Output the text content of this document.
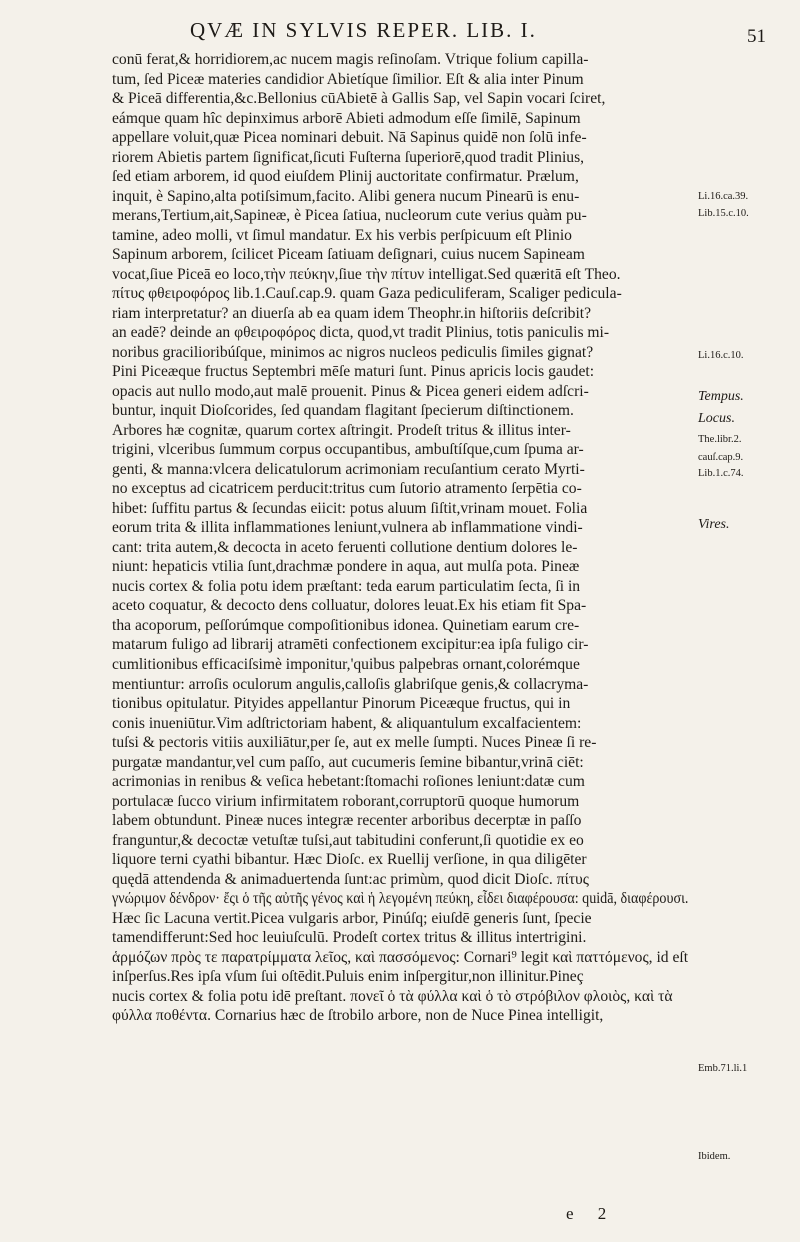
QVÆ IN SYLVIS REPER. LIB. I.	51
conū ferat,& horridiorem,ac nucem magis reſinoſam. Vtrique folium capilla-
tum, ſed Piceæ materies candidior Abietíque ſimilior. Eſt & alia inter Pinum
& Piceā differentia,&c.Bellonius cūAbietē à Gallis Sap, vel Sapin vocari ſciret,
eámque quam hîc depinximus arborē Abieti admodum eſſe ſimilē, Sapinum
appellare voluit,quæ Picea nominari debuit. Nā Sapinus quidē non ſolū infe-
riorem Abietis partem ſignificat,ſicuti Fuſterna ſuperiorē,quod tradit Plinius,
ſed etiam arborem, id quod eiuſdem Plinij auctoritate confirmatur. Prælum,
inquit, è Sapino,alta potiſsimum,facito. Alibi genera nucum Pinearū is enu-
merans,Tertium,ait,Sapineæ, è Picea ſatiua, nucleorum cute verius quàm pu-
tamine, adeo molli, vt ſimul mandatur. Ex his verbis perſpicuum eſt Plinio
Sapinum arborem, ſcilicet Piceam ſatiuam deſignari, cuius nucem Sapineam
vocat,ſiue Piceā eo loco,τὴν πεύκην,ſiue τὴν πίτυν intelligat.Sed quæritā eſt Theo.
πίτυς φθειροφόρος lib.1.Cauſ.cap.9. quam Gaza pediculiferam, Scaliger pedicula-
riam interpretatur? an diuerſa ab ea quam idem Theophr.in hiſtoriis deſcribit?
an eadē? deinde an φθειροφόρος dicta, quod,vt tradit Plinius, totis paniculis mi-
noribus gracilioribúſque, minimos ac nigros nucleos pediculis ſimiles gignat?
Pini Piceæque fructus Septembri mēſe maturi ſunt. Pinus apricis locis gaudet:
opacis aut nullo modo,aut malē prouenit. Pinus & Picea generi eidem adſcri-
buntur, inquit Dioſcorides, ſed quandam flagitant ſpecierum diſtinctionem.
Arbores hæ cognitæ, quarum cortex aſtringit. Prodeſt tritus & illitus inter-
trigini, vlceribus ſummum corpus occupantibus, ambuſtíſque,cum ſpuma ar-
genti, & manna:vlcera delicatulorum acrimoniam recuſantium cerato Myrti-
no exceptus ad cicatricem perducit:tritus cum ſutorio atramento ſerpētia co-
hibet: ſuffitu partus & ſecundas eiicit: potus aluum ſiſtit,vrinam mouet. Folia
eorum trita & illita inflammationes leniunt,vulnera ab inflammatione vindi-
cant: trita autem,& decocta in aceto feruenti collutione dentium dolores le-
niunt: hepaticis vtilia ſunt,drachmæ pondere in aqua, aut mulſa pota. Pineæ
nucis cortex & folia potu idem præſtant: teda earum particulatim ſecta, ſi in
aceto coquatur, & decocto dens colluatur, dolores leuat.Ex his etiam fit Spa-
tha acoporum, peſſorúmque compoſitionibus idonea. Quinetiam earum cre-
matarum fuligo ad librarij atramēti confectionem excipitur:ea ipſa fuligo cir-
cumlitionibus efficaciſsimè imponitur,'quibus palpebras ornant,colorémque
mentiuntur: arroſis oculorum angulis,calloſis glabriſque genis,& collacryma-
tionibus opitulatur. Pityides appellantur Pinorum Piceæque fructus, qui in
conis inueniūtur.Vim adſtrictoriam habent, & aliquantulum excalfacientem:
tuſsi & pectoris vitiis auxiliātur,per ſe, aut ex melle ſumpti. Nuces Pineæ ſi re-
purgatæ mandantur,vel cum paſſo, aut cucumeris ſemine bibantur,vrinā ciēt:
acrimonias in renibus & veſica hebetant:ſtomachi roſiones leniunt:datæ cum
portulacæ ſucco virium infirmitatem roborant,corruptorū quoque humorum
labem obtundunt. Pineæ nuces integræ recenter arboribus decerptæ in paſſo
franguntur,& decoctæ vetuſtæ tuſsi,aut tabitudini conferunt,ſi quotidie ex eo
liquore terni cyathi bibantur. Hæc Dioſc. ex Ruellij verſione, in qua diligēter
quędā attendenda & animaduertenda ſunt:ac primùm, quod dicit Dioſc. πίτυς
γνώριμον δένδρον· ἔςι ὁ τῆς αὐτῆς γένος καὶ ἡ λεγομένη πεύκη, εἶδει διαφέρουσα: quidā, διαφέρουσι.
Hæc ſic Lacuna vertit.Picea vulgaris arbor, Pinúſq; eiuſdē generis ſunt, ſpecie
tamendifferunt:Sed hoc leuiuſculū. Prodeſt cortex tritus & illitus intertrigini.
ἁρμόζων πρὸς τε παρατρίμματα λεῖος, καὶ πασσόμενος: Cornari⁹ legit καὶ παττόμενος, id eſt
inſperſus.Res ipſa vſum ſui oſtēdit.Puluis enim inſpergitur,non illinitur.Pineç
nucis cortex & folia potu idē preſtant. πονεῖ ὁ τὰ φύλλα καὶ ὁ τὸ στρόβιλον φλοιὸς, καὶ τὰ
φύλλα ποθέντα. Cornarius hæc de ſtrobilo arbore, non de Nuce Pinea intelligit,
Li.16.ca.39.
Lib.15.c.10.
Li.16.c.10.
Tempus.
Locus.
The.libr.2.
cauſ.cap.9.
Lib.1.c.74.
Vires.
Emb.71.li.1
Ibidem.
e 2
